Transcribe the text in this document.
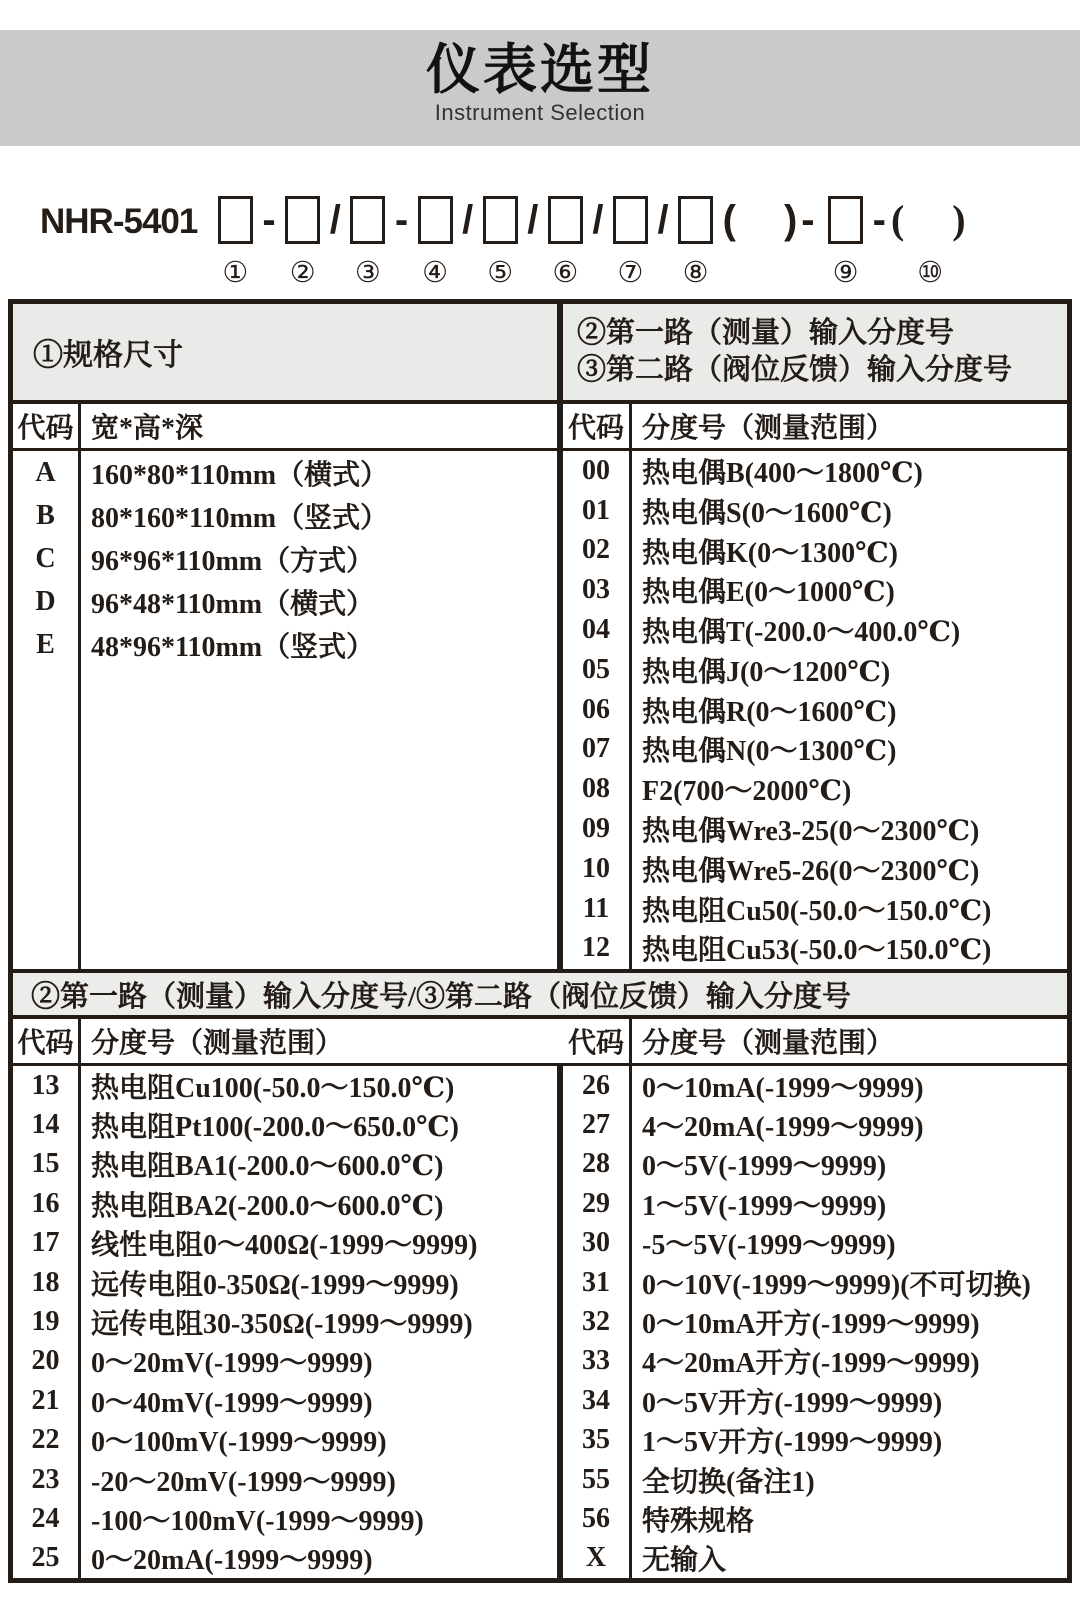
仪表选型
Instrument Selection
NHR-5401
①
-
②
/
③
-
④
/
⑤
/
⑥
/
⑦
/
⑧
(　)-
⑨
- (　)
⑩
①规格尺寸
②第一路（测量）输入分度号
③第二路（阀位反馈）输入分度号
代码 宽*高*深	代码 分度号（测量范围）
A
B
C
D
E
160*80*110mm（横式）
80*160*110mm（竖式）
96*96*110mm（方式）
96*48*110mm（横式）
48*96*110mm（竖式）
00
01
02
03
04
05
06
07
08
09
10
11
12
热电偶B(400～1800℃)
热电偶S(0～1600℃)
热电偶K(0～1300℃)
热电偶E(0～1000℃)
热电偶T(-200.0～400.0℃)
热电偶J(0～1200℃)
热电偶R(0～1600℃)
热电偶N(0～1300℃)
F2(700～2000℃)
热电偶Wre3-25(0～2300℃)
热电偶Wre5-26(0～2300℃)
热电阻Cu50(-50.0～150.0℃)
热电阻Cu53(-50.0～150.0℃)
②第一路（测量）输入分度号/③第二路（阀位反馈）输入分度号
代码 分度号（测量范围）	代码 分度号（测量范围）
13
14
15
16
17
18
19
20
21
22
23
24
25
热电阻Cu100(-50.0～150.0℃)
热电阻Pt100(-200.0～650.0℃)
热电阻BA1(-200.0～600.0℃)
热电阻BA2(-200.0～600.0℃)
线性电阻0～400Ω(-1999～9999)
远传电阻0-350Ω(-1999～9999)
远传电阻30-350Ω(-1999～9999)
0～20mV(-1999～9999)
0～40mV(-1999～9999)
0～100mV(-1999～9999)
-20～20mV(-1999～9999)
-100～100mV(-1999～9999)
0～20mA(-1999～9999)
26
27
28
29
30
31
32
33
34
35
55
56
X
0～10mA(-1999～9999)
4～20mA(-1999～9999)
0～5V(-1999～9999)
1～5V(-1999～9999)
-5～5V(-1999～9999)
0～10V(-1999～9999)(不可切换)
0～10mA开方(-1999～9999)
4～20mA开方(-1999～9999)
0～5V开方(-1999～9999)
1～5V开方(-1999～9999)
全切换(备注1)
特殊规格
无输入
